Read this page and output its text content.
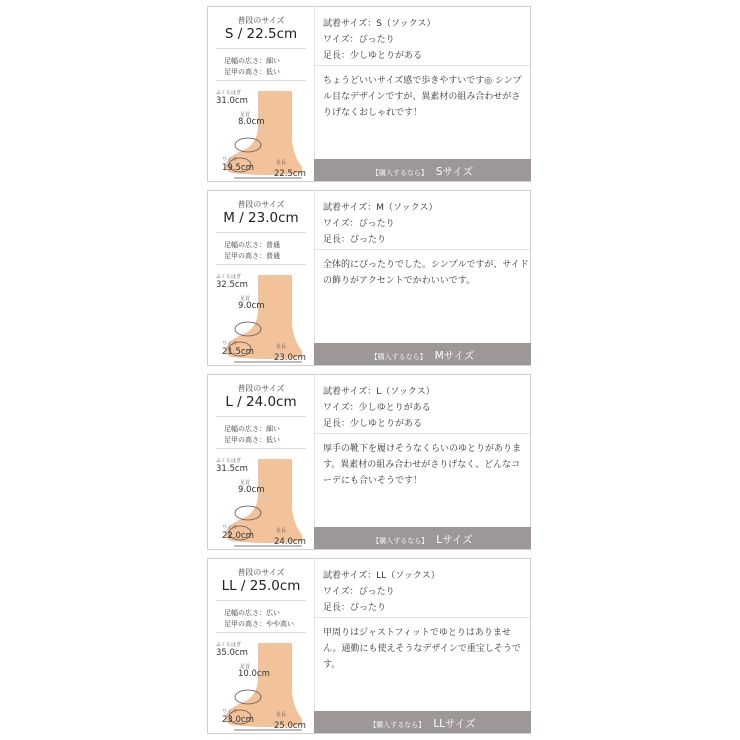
普段のサイズ
S / 22.5cm
足幅の広さ：細い
足甲の高さ：低い
ふくらはぎ
31.0cm
足首
8.0cm
ワイズ
19.5cm	足長
22.5cm
試着サイズ：S（ソックス）
ワイズ：ぴったり
足長：少しゆとりがある
ちょうどいいサイズ感で歩きやすいです◎ シンプル目なデザインですが、異素材の組み合わせがさりげなくおしゃれです！
【購入するなら】 Sサイズ
普段のサイズ
M / 23.0cm
足幅の広さ：普通
足甲の高さ：普通
ふくらはぎ
32.5cm
足首
9.0cm
ワイズ
21.5cm	足長
23.0cm
試着サイズ：M（ソックス）
ワイズ：ぴったり
足長：ぴったり
全体的にぴったりでした。シンプルですが、サイドの飾りがアクセントでかわいいです。
【購入するなら】 Mサイズ
普段のサイズ
L / 24.0cm
足幅の広さ：細い
足甲の高さ：低い
ふくらはぎ
31.5cm
足首
9.0cm
ワイズ
22.0cm	足長
24.0cm
試着サイズ：L（ソックス）
ワイズ：少しゆとりがある
足長：少しゆとりがある
厚手の靴下を履けそうなくらいのゆとりがあります。異素材の組み合わせがさりげなく、どんなコーデにも合いそうです！
【購入するなら】 Lサイズ
普段のサイズ
LL / 25.0cm
足幅の広さ：広い
足甲の高さ：やや高い
ふくらはぎ
35.0cm
足首
10.0cm
ワイズ
23.0cm	足長
25.0cm
試着サイズ：LL（ソックス）
ワイズ：ぴったり
足長：ぴったり
甲周りはジャストフィットでゆとりはありません。通勤にも使えそうなデザインで重宝しそうです。
【購入するなら】 LLサイズ
